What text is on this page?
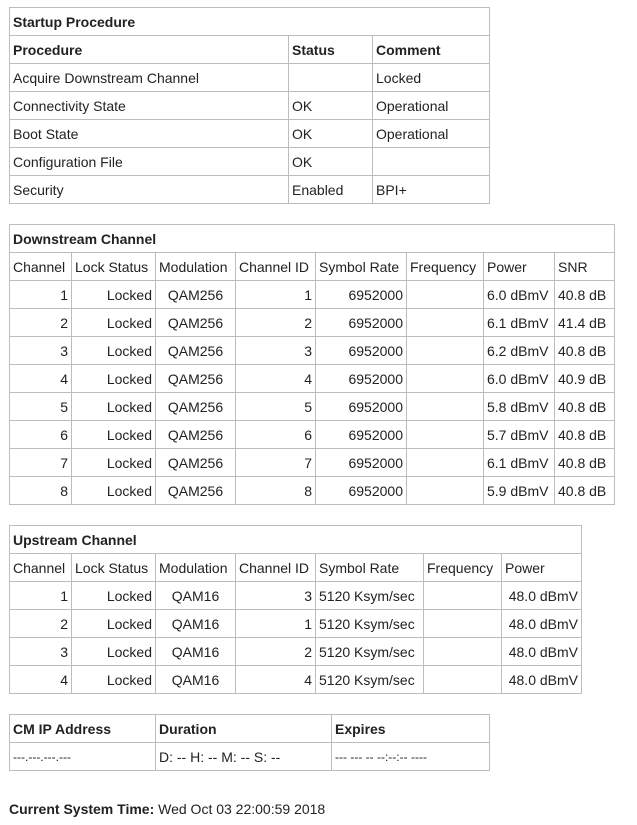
Startup Procedure		
Procedure	Status	Comment
Acquire Downstream Channel		Locked
Connectivity State	OK	Operational
Boot State	OK	Operational
Configuration File	OK	
Security	Enabled	BPI+
Downstream Channel							
Channel	Lock Status	Modulation	Channel ID	Symbol Rate	Frequency	Power	SNR
1	Locked	QAM256	1	6952000		6.0 dBmV	40.8 dB
2	Locked	QAM256	2	6952000		6.1 dBmV	41.4 dB
3	Locked	QAM256	3	6952000		6.2 dBmV	40.8 dB
4	Locked	QAM256	4	6952000		6.0 dBmV	40.9 dB
5	Locked	QAM256	5	6952000		5.8 dBmV	40.8 dB
6	Locked	QAM256	6	6952000		5.7 dBmV	40.8 dB
7	Locked	QAM256	7	6952000		6.1 dBmV	40.8 dB
8	Locked	QAM256	8	6952000		5.9 dBmV	40.8 dB
Upstream Channel						
Channel	Lock Status	Modulation	Channel ID	Symbol Rate	Frequency	Power
1	Locked	QAM16	3	5120 Ksym/sec		48.0 dBmV
2	Locked	QAM16	1	5120 Ksym/sec		48.0 dBmV
3	Locked	QAM16	2	5120 Ksym/sec		48.0 dBmV
4	Locked	QAM16	4	5120 Ksym/sec		48.0 dBmV
CM IP Address	Duration	Expires
---.---.---.---	D: -- H: -- M: -- S: --	--- --- -- --:--:-- ----
Current System Time: Wed Oct 03 22:00:59 2018
